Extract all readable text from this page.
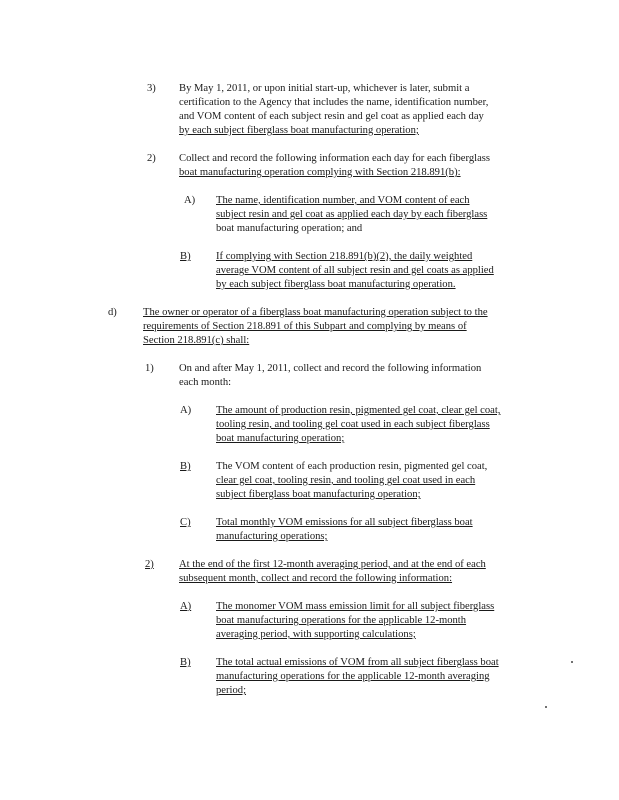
3) By May 1, 2011, or upon initial start-up, whichever is later, submit a
certification to the Agency that includes the name, identification number,
and VOM content of each subject resin and gel coat as applied each day
by each subject fiberglass boat manufacturing operation;
2) Collect and record the following information each day for each fiberglass
boat manufacturing operation complying with Section 218.891(b):
A) The name, identification number, and VOM content of each
subject resin and gel coat as applied each day by each fiberglass
boat manufacturing operation; and
B) If complying with Section 218.891(b)(2), the daily weighted
average VOM content of all subject resin and gel coats as applied
by each subject fiberglass boat manufacturing operation.
d) The owner or operator of a fiberglass boat manufacturing operation subject to the
requirements of Section 218.891 of this Subpart and complying by means of
Section 218.891(c) shall:
1) On and after May 1, 2011, collect and record the following information
each month:
A) The amount of production resin, pigmented gel coat, clear gel coat,
tooling resin, and tooling gel coat used in each subject fiberglass
boat manufacturing operation;
B) The VOM content of each production resin, pigmented gel coat,
clear gel coat, tooling resin, and tooling gel coat used in each
subject fiberglass boat manufacturing operation;
C) Total monthly VOM emissions for all subject fiberglass boat
manufacturing operations;
2) At the end of the first 12-month averaging period, and at the end of each
subsequent month, collect and record the following information:
A) The monomer VOM mass emission limit for all subject fiberglass
boat manufacturing operations for the applicable 12-month
averaging period, with supporting calculations;
B) The total actual emissions of VOM from all subject fiberglass boat
manufacturing operations for the applicable 12-month averaging
period;
